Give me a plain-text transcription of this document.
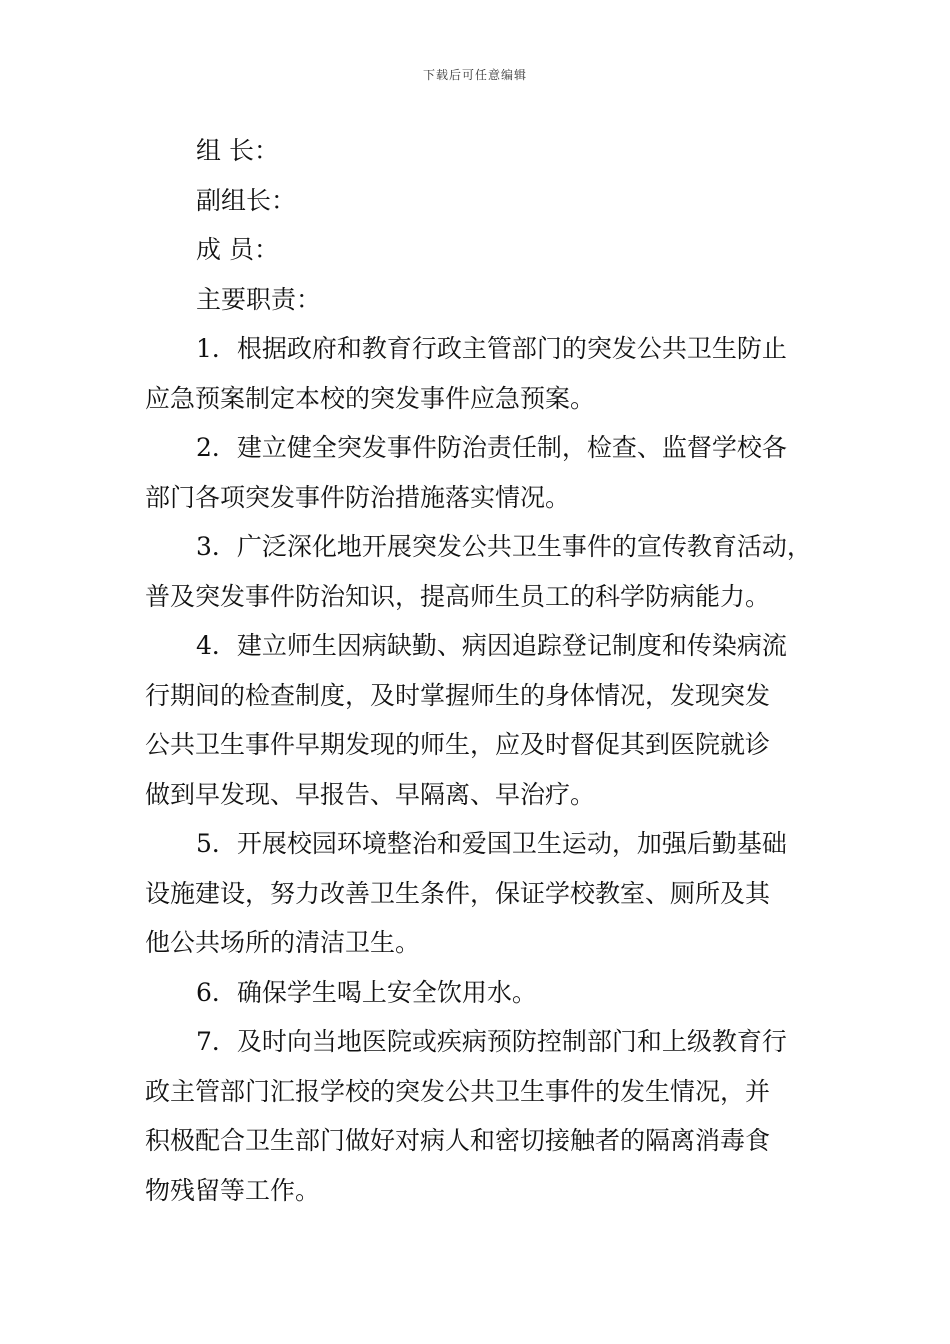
下载后可任意编辑

组 长：

副组长：

成 员：

主要职责：

1．根据政府和教育行政主管部门的突发公共卫生防止

应急预案制定本校的突发事件应急预案。

2．建立健全突发事件防治责任制，检查、监督学校各

部门各项突发事件防治措施落实情况。

3．广泛深化地开展突发公共卫生事件的宣传教育活动，

普及突发事件防治知识，提高师生员工的科学防病能力。

4．建立师生因病缺勤、病因追踪登记制度和传染病流

行期间的检查制度，及时掌握师生的身体情况，发现突发

公共卫生事件早期发现的师生，应及时督促其到医院就诊

做到早发现、早报告、早隔离、早治疗。

5．开展校园环境整治和爱国卫生运动，加强后勤基础

设施建设，努力改善卫生条件，保证学校教室、厕所及其

他公共场所的清洁卫生。

6．确保学生喝上安全饮用水。

7．及时向当地医院或疾病预防控制部门和上级教育行

政主管部门汇报学校的突发公共卫生事件的发生情况，并

积极配合卫生部门做好对病人和密切接触者的隔离消毒食

物残留等工作。
